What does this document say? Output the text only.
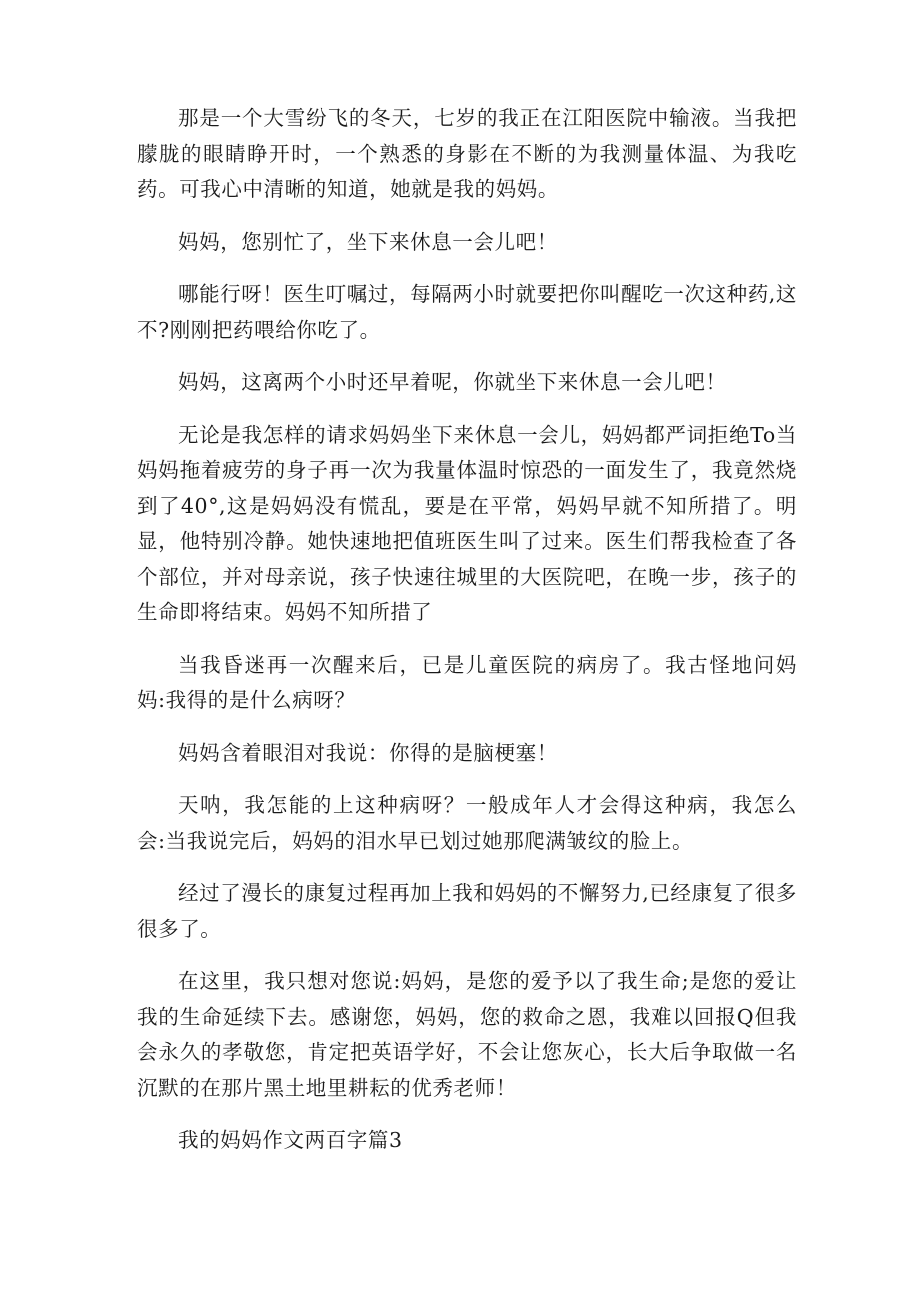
那是一个大雪纷飞的冬天，七岁的我正在江阳医院中输液。当我把朦胧的眼睛睁开时，一个熟悉的身影在不断的为我测量体温、为我吃药。可我心中清晰的知道，她就是我的妈妈。

妈妈，您别忙了，坐下来休息一会儿吧！

哪能行呀！医生叮嘱过，每隔两小时就要把你叫醒吃一次这种药,这不?刚刚把药喂给你吃了。

妈妈，这离两个小时还早着呢，你就坐下来休息一会儿吧！

无论是我怎样的请求妈妈坐下来休息一会儿，妈妈都严词拒绝To当妈妈拖着疲劳的身子再一次为我量体温时惊恐的一面发生了，我竟然烧到了40°,这是妈妈没有慌乱，要是在平常，妈妈早就不知所措了。明显，他特别冷静。她快速地把值班医生叫了过来。医生们帮我检查了各个部位，并对母亲说，孩子快速往城里的大医院吧，在晚一步，孩子的生命即将结束。妈妈不知所措了

当我昏迷再一次醒来后，已是儿童医院的病房了。我古怪地问妈妈:我得的是什么病呀？

妈妈含着眼泪对我说：你得的是脑梗塞！

天呐，我怎能的上这种病呀？一般成年人才会得这种病，我怎么会:当我说完后，妈妈的泪水早已划过她那爬满皱纹的脸上。

经过了漫长的康复过程再加上我和妈妈的不懈努力,已经康复了很多很多了。

在这里，我只想对您说:妈妈，是您的爱予以了我生命;是您的爱让我的生命延续下去。感谢您，妈妈，您的救命之恩，我难以回报Q但我会永久的孝敬您，肯定把英语学好，不会让您灰心，长大后争取做一名沉默的在那片黑土地里耕耘的优秀老师！

我的妈妈作文两百字篇3
